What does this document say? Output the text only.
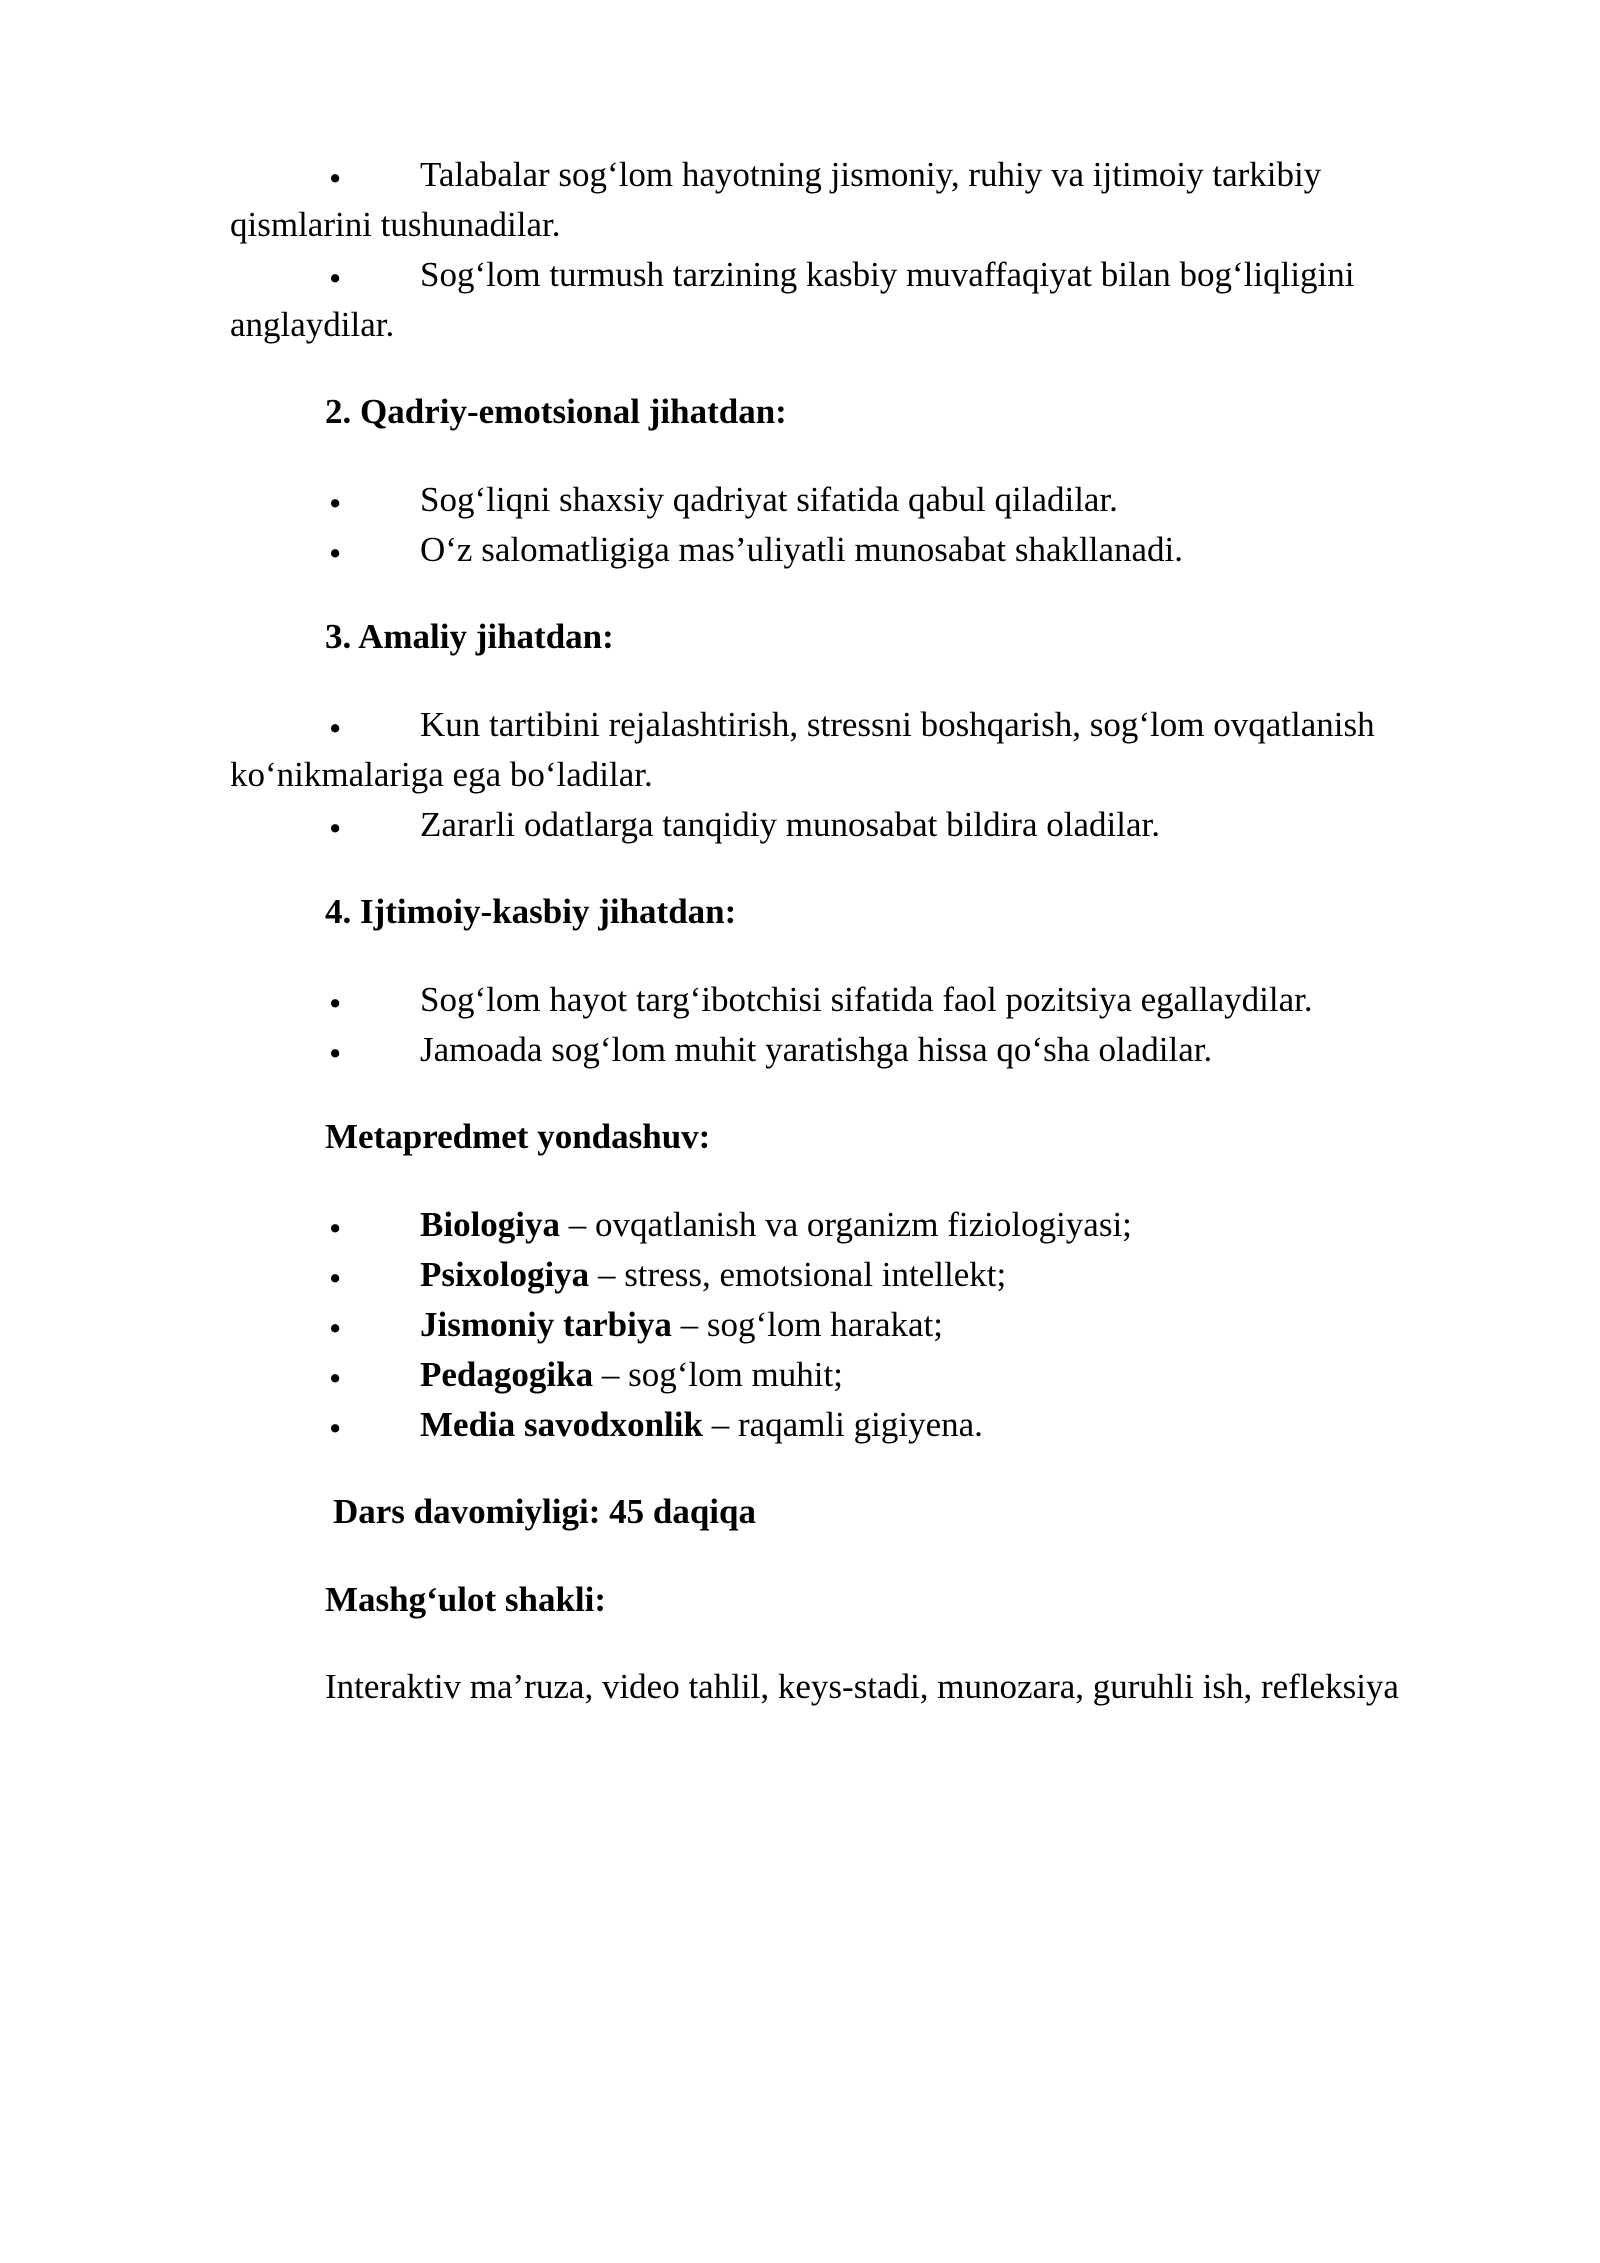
• Talabalar sog‘lom hayotning jismoniy, ruhiy va ijtimoiy tarkibiy
qismlarini tushunadilar.
• Sog‘lom turmush tarzining kasbiy muvaffaqiyat bilan bog‘liqligini
anglaydilar.
2. Qadriy-emotsional jihatdan:
• Sog‘liqni shaxsiy qadriyat sifatida qabul qiladilar.
• O‘z salomatligiga mas’uliyatli munosabat shakllanadi.
3. Amaliy jihatdan:
• Kun tartibini rejalashtirish, stressni boshqarish, sog‘lom ovqatlanish
ko‘nikmalariga ega bo‘ladilar.
• Zararli odatlarga tanqidiy munosabat bildira oladilar.
4. Ijtimoiy-kasbiy jihatdan:
• Sog‘lom hayot targ‘ibotchisi sifatida faol pozitsiya egallaydilar.
• Jamoada sog‘lom muhit yaratishga hissa qo‘sha oladilar.
Metapredmet yondashuv:
• Biologiya – ovqatlanish va organizm fiziologiyasi;
• Psixologiya – stress, emotsional intellekt;
• Jismoniy tarbiya – sog‘lom harakat;
• Pedagogika – sog‘lom muhit;
• Media savodxonlik – raqamli gigiyena.
Dars davomiyligi: 45 daqiqa
Mashg‘ulot shakli:
Interaktiv ma’ruza, video tahlil, keys-stadi, munozara, guruhli ish, refleksiya
